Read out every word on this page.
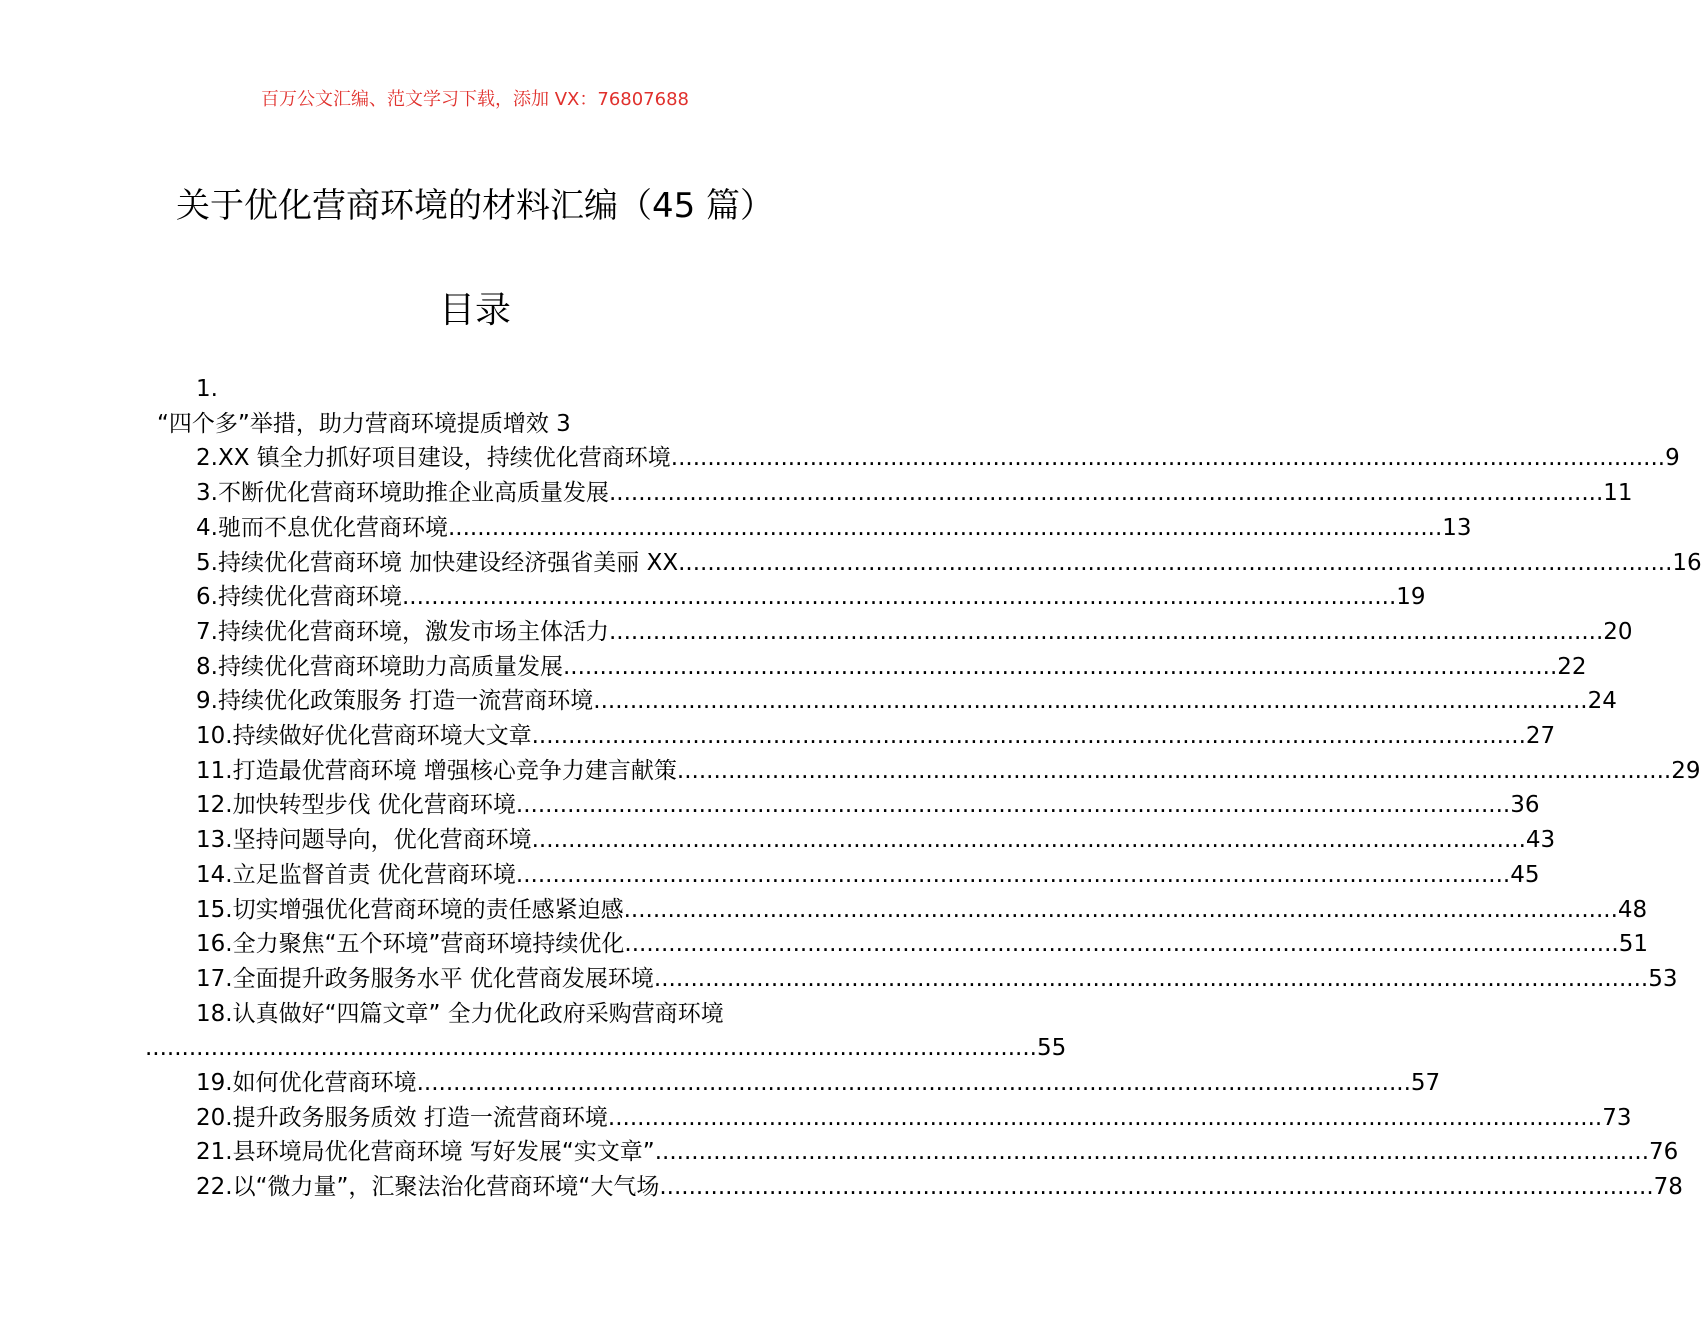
百万公文汇编、范文学习下载，添加 VX：76807688
关于优化营商环境的材料汇编（45 篇）
目录
1.
“四个多”举措，助力营商环境提质增效 3
2.XX 镇全力抓好项目建设，持续优化营商环境 .....	9
3.不断优化营商环境助推企业高质量发展 .....	11
4.驰而不息优化营商环境 .....	13
5.持续优化营商环境 加快建设经济强省美丽 XX .....	16
6.持续优化营商环境 .....	19
7.持续优化营商环境，激发市场主体活力 .....	20
8.持续优化营商环境助力高质量发展 .....	22
9.持续优化政策服务 打造一流营商环境 .....	24
10.持续做好优化营商环境大文章 .....	27
11.打造最优营商环境 增强核心竞争力建言献策 .....	29
12.加快转型步伐 优化营商环境 .....	36
13.坚持问题导向，优化营商环境 .....	43
14.立足监督首责 优化营商环境 .....	45
15.切实增强优化营商环境的责任感紧迫感 .....	48
16.全力聚焦“五个环境”营商环境持续优化 .....	51
17.全面提升政务服务水平 优化营商发展环境 .....	53
18.认真做好“四篇文章” 全力优化政府采购营商环境
.......................................................................................................................... 55
19.如何优化营商环境 .....	57
20.提升政务服务质效 打造一流营商环境 .....	73
21.县环境局优化营商环境 写好发展“实文章” .....	76
22.以“微力量”，汇聚法治化营商环境“大气场 .....	78
